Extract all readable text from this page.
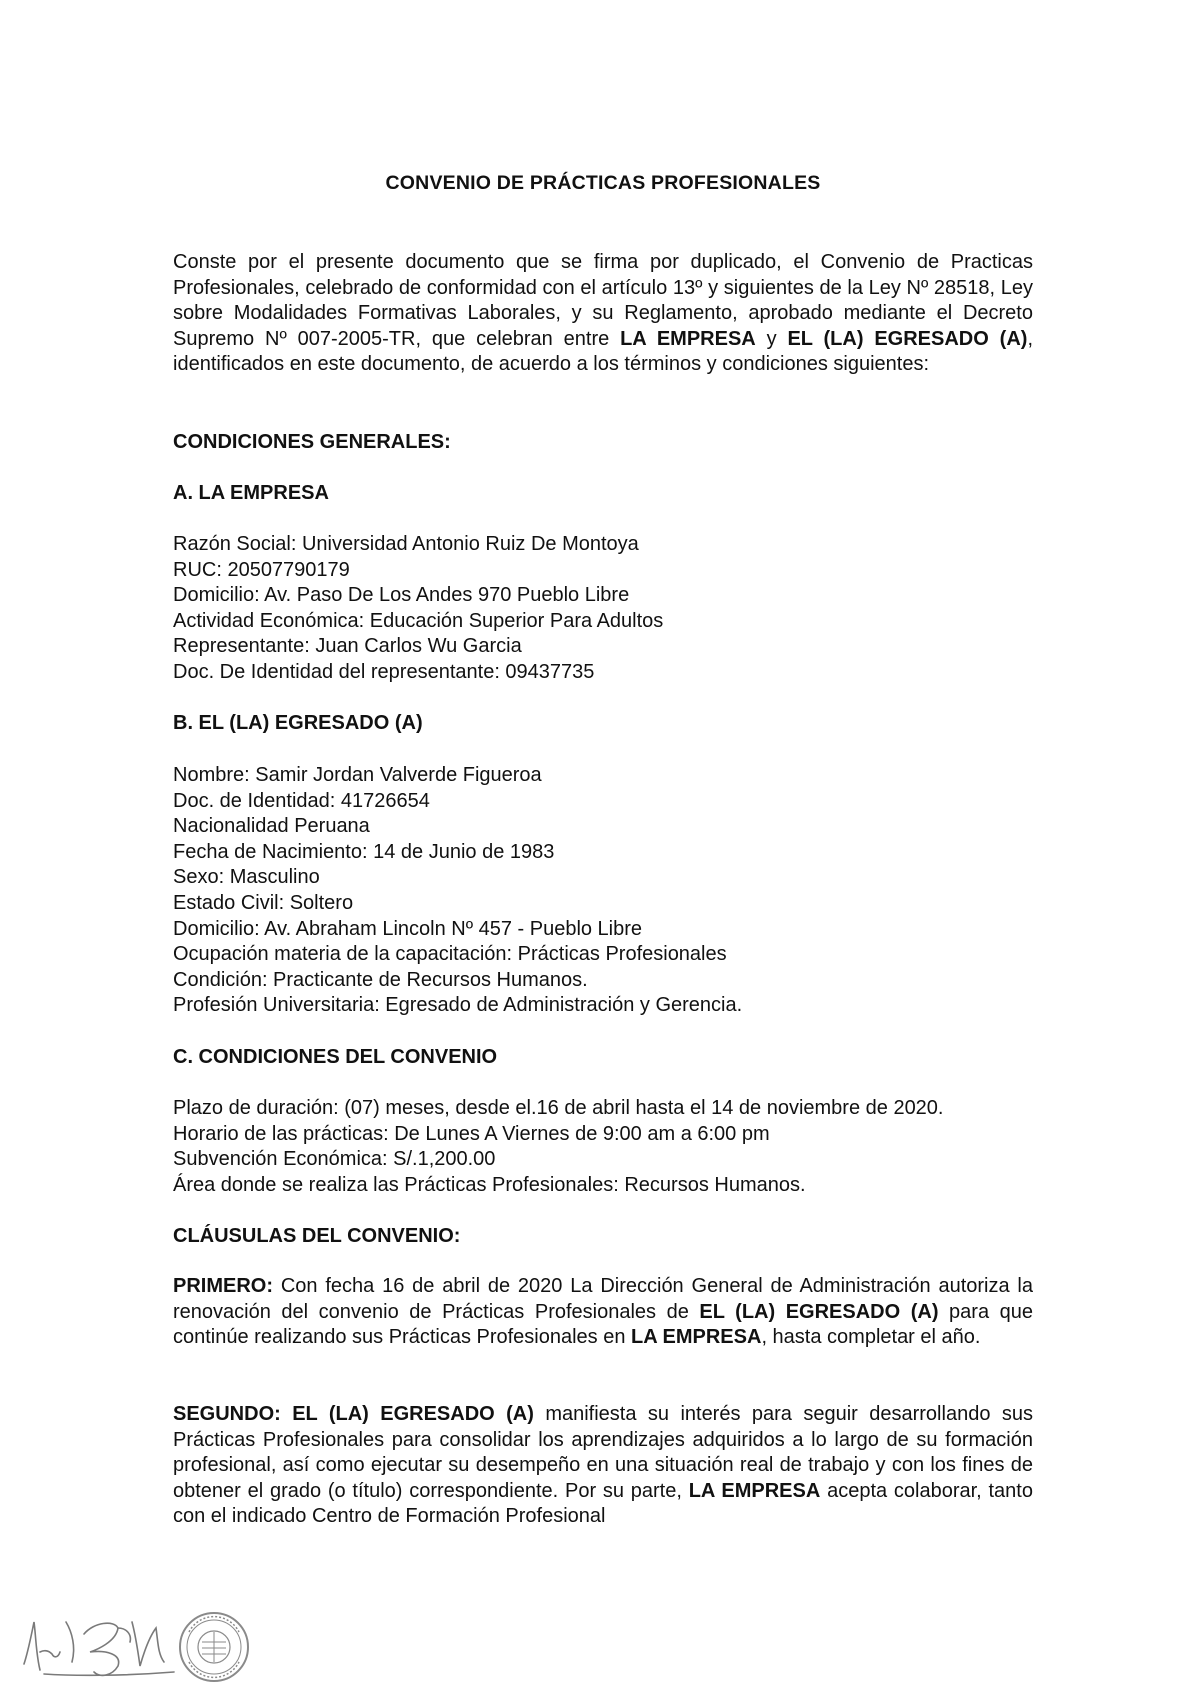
CONVENIO DE PRÁCTICAS PROFESIONALES

Conste por el presente documento que se firma por duplicado, el Convenio de Practicas Profesionales, celebrado de conformidad con el artículo 13º y siguientes de la Ley Nº 28518, Ley sobre Modalidades Formativas Laborales, y su Reglamento, aprobado mediante el Decreto Supremo Nº 007-2005-TR, que celebran entre LA EMPRESA y EL (LA) EGRESADO (A), identificados en este documento, de acuerdo a los términos y condiciones siguientes:

CONDICIONES GENERALES:
A. LA EMPRESA
Razón Social: Universidad Antonio Ruiz De Montoya
RUC: 20507790179
Domicilio: Av. Paso De Los Andes 970 Pueblo Libre
Actividad Económica: Educación Superior Para Adultos
Representante: Juan Carlos Wu Garcia
Doc. De Identidad del representante: 09437735
B. EL (LA) EGRESADO (A)
Nombre: Samir Jordan Valverde Figueroa
Doc. de Identidad: 41726654
Nacionalidad Peruana
Fecha de Nacimiento: 14 de Junio de 1983
Sexo: Masculino
Estado Civil: Soltero
Domicilio: Av. Abraham Lincoln Nº 457 - Pueblo Libre
Ocupación materia de la capacitación: Prácticas Profesionales
Condición: Practicante de Recursos Humanos.
Profesión Universitaria: Egresado de Administración y Gerencia.
C. CONDICIONES DEL CONVENIO
Plazo de duración: (07) meses, desde el.16 de abril hasta el 14 de noviembre de 2020.
Horario de las prácticas: De Lunes A Viernes de 9:00 am a 6:00 pm
Subvención Económica: S/.1,200.00
Área donde se realiza las Prácticas Profesionales: Recursos Humanos.
CLÁUSULAS DEL CONVENIO:

PRIMERO: Con fecha 16 de abril de 2020 La Dirección General de Administración autoriza la renovación del convenio de Prácticas Profesionales de EL (LA) EGRESADO (A) para que continúe realizando sus Prácticas Profesionales en LA EMPRESA, hasta completar el año.

SEGUNDO: EL (LA) EGRESADO (A) manifiesta su interés para seguir desarrollando sus Prácticas Profesionales para consolidar los aprendizajes adquiridos a lo largo de su formación profesional, así como ejecutar su desempeño en una situación real de trabajo y con los fines de obtener el grado (o título) correspondiente. Por su parte, LA EMPRESA acepta colaborar, tanto con el indicado Centro de Formación Profesional
